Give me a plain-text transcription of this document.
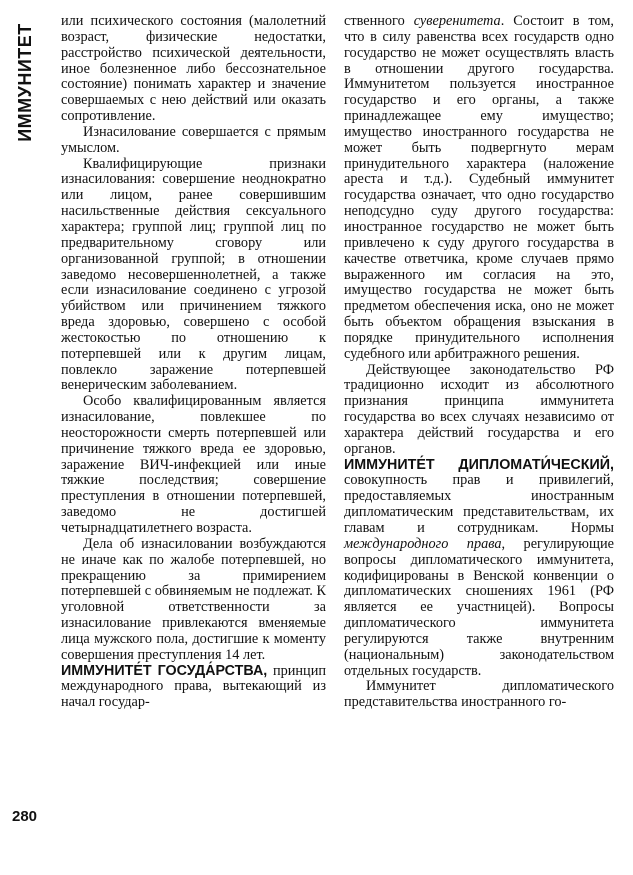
ИММУНИТЕТ
280

или психического состояния (малолетний возраст, физические недостатки, расстройство психической деятельности, иное болезненное либо бессознательное состояние) понимать характер и значение совершаемых с нею действий или оказать сопротивление.

Изнасилование совершается с прямым умыслом.

Квалифицирующие признаки изнасилования: совершение неоднократно или лицом, ранее совершившим насильственные действия сексуального характера; группой лиц; группой лиц по предварительному сговору или организованной группой; в отношении заведомо несовершеннолетней, а также если изнасилование соединено с угрозой убийством или причинением тяжкого вреда здоровью, совершено с особой жестокостью по отношению к потерпевшей или к другим лицам, повлекло заражение потерпевшей венерическим заболеванием.

Особо квалифицированным является изнасилование, повлекшее по неосторожности смерть потерпевшей или причинение тяжкого вреда ее здоровью, заражение ВИЧ-инфекцией или иные тяжкие последствия; совершение преступления в отношении потерпевшей, заведомо не достигшей четырнадцатилетнего возраста.

Дела об изнасиловании возбуждаются не иначе как по жалобе потерпевшей, но прекращению за примирением потерпевшей с обвиняемым не подлежат. К уголовной ответственности за изнасилование привлекаются вменяемые лица мужского пола, достигшие к моменту совершения преступления 14 лет.

ИММУНИТЕ́Т ГОСУДА́РСТВА, принцип международного права, вытекающий из начал государ-

ственного суверенитета. Состоит в том, что в силу равенства всех государств одно государство не может осуществлять власть в отношении другого государства. Иммунитетом пользуется иностранное государство и его органы, а также принадлежащее ему имущество; имущество иностранного государства не может быть подвергнуто мерам принудительного характера (наложение ареста и т.д.). Судебный иммунитет государства означает, что одно государство неподсудно суду другого государства: иностранное государство не может быть привлечено к суду другого государства в качестве ответчика, кроме случаев прямо выраженного им согласия на это, имущество государства не может быть предметом обеспечения иска, оно не может быть объектом обращения взыскания в порядке принудительного исполнения судебного или арбитражного решения.

Действующее законодательство РФ традиционно исходит из абсолютного признания принципа иммунитета государства во всех случаях независимо от характера действий государства и его органов.

ИММУНИТЕ́Т ДИПЛОМАТИ́ЧЕСКИЙ, совокупность прав и привилегий, предоставляемых иностранным дипломатическим представительствам, их главам и сотрудникам. Нормы международного права, регулирующие вопросы дипломатического иммунитета, кодифицированы в Венской конвенции о дипломатических сношениях 1961 (РФ является ее участницей). Вопросы дипломатического иммунитета регулируются также внутренним (национальным) законодательством отдельных государств.

Иммунитет дипломатического представительства иностранного го-
